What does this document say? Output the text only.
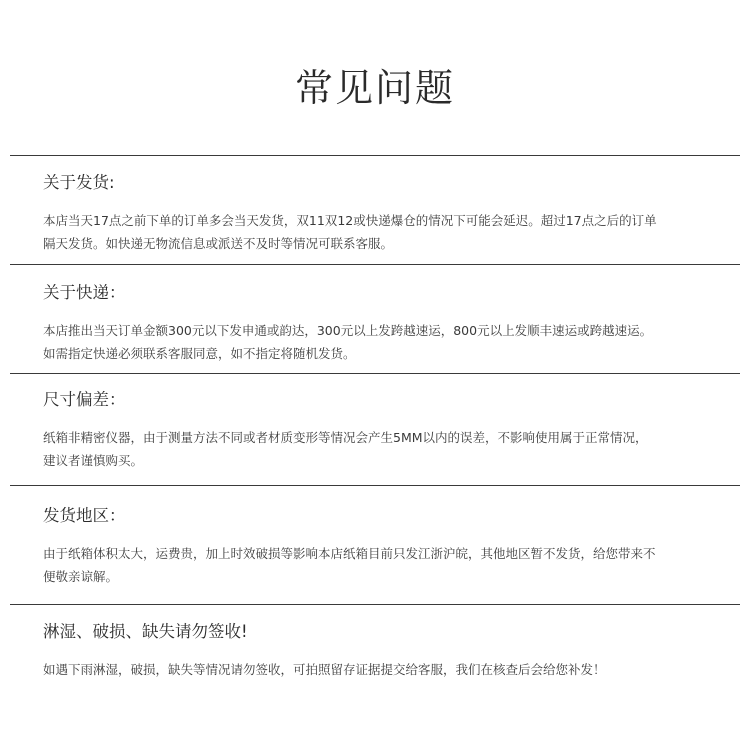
常见问题
关于发货:
本店当天17点之前下单的订单多会当天发货，双11双12或快递爆仓的情况下可能会延迟。超过17点之后的订单
隔天发货。如快递无物流信息或派送不及时等情况可联系客服。
关于快递：
本店推出当天订单金额300元以下发申通或韵达，300元以上发跨越速运，800元以上发顺丰速运或跨越速运。
如需指定快递必须联系客服同意，如不指定将随机发货。
尺寸偏差：
纸箱非精密仪器，由于测量方法不同或者材质变形等情况会产生5MM以内的误差，不影响使用属于正常情况，
建议者谨慎购买。
发货地区：
由于纸箱体积太大，运费贵，加上时效破损等影响本店纸箱目前只发江浙沪皖，其他地区暂不发货，给您带来不
便敬亲谅解。
淋湿、破损、缺失请勿签收!
如遇下雨淋湿，破损，缺失等情况请勿签收，可拍照留存证据提交给客服，我们在核查后会给您补发！
